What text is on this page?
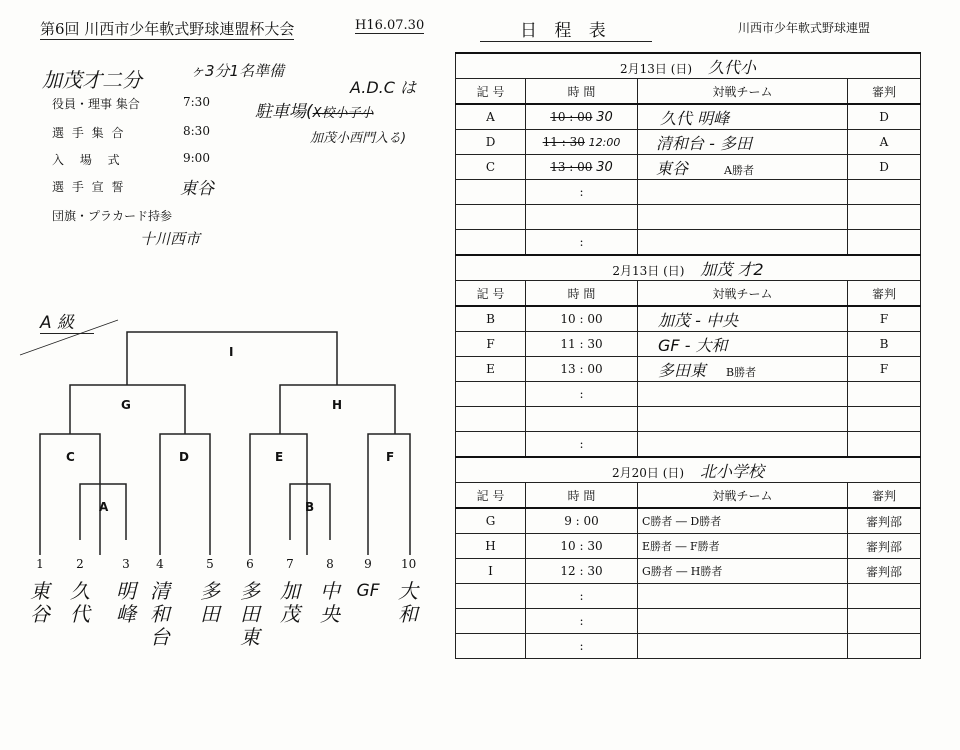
第6回 川西市少年軟式野球連盟杯大会	H16.07.30	日 程 表	川西市少年軟式野球連盟
加茂才二分	ヶ3分1名準備
A.D.C は
駐車場(X校小子小
加茂小西門入る)
役員・理事 集合	7:30
選 手 集 合	8:30
入 場 式	9:00
選 手 宣 誓	東谷
団旗・プラカード持参
十川西市
A 級
I
G	H
C	D	E	F
A	B
1	2	3 4	5	6	7	8	9 10
東谷
久代
明峰
清和台
多田
多田東
加茂
中央
GF 大和
2月13日 (日) 久代小			
記 号	時 間	対戦チーム	審判
A	10 : 00 30	久代 明峰	D
D	11 : 30 12:00	清和台 - 多田	A
C	13 : 00 30	東谷 A勝者	D
	:		

	:		
2月13日 (日) 加茂 才2			
記 号	時 間	対戦チーム	審判
B	10 : 00	加茂 - 中央	F
F	11 : 30	GF - 大和	B
E	13 : 00	多田東 B勝者	F
	:		

	:		
2月20日 (日) 北小学校			
記 号	時 間	対戦チーム	審判
G	9 : 00	C勝者 ― D勝者	審判部
H	10 : 30	E勝者 ― F勝者	審判部
I	12 : 30	G勝者 ― H勝者	審判部
	:		
	:		
	:		
